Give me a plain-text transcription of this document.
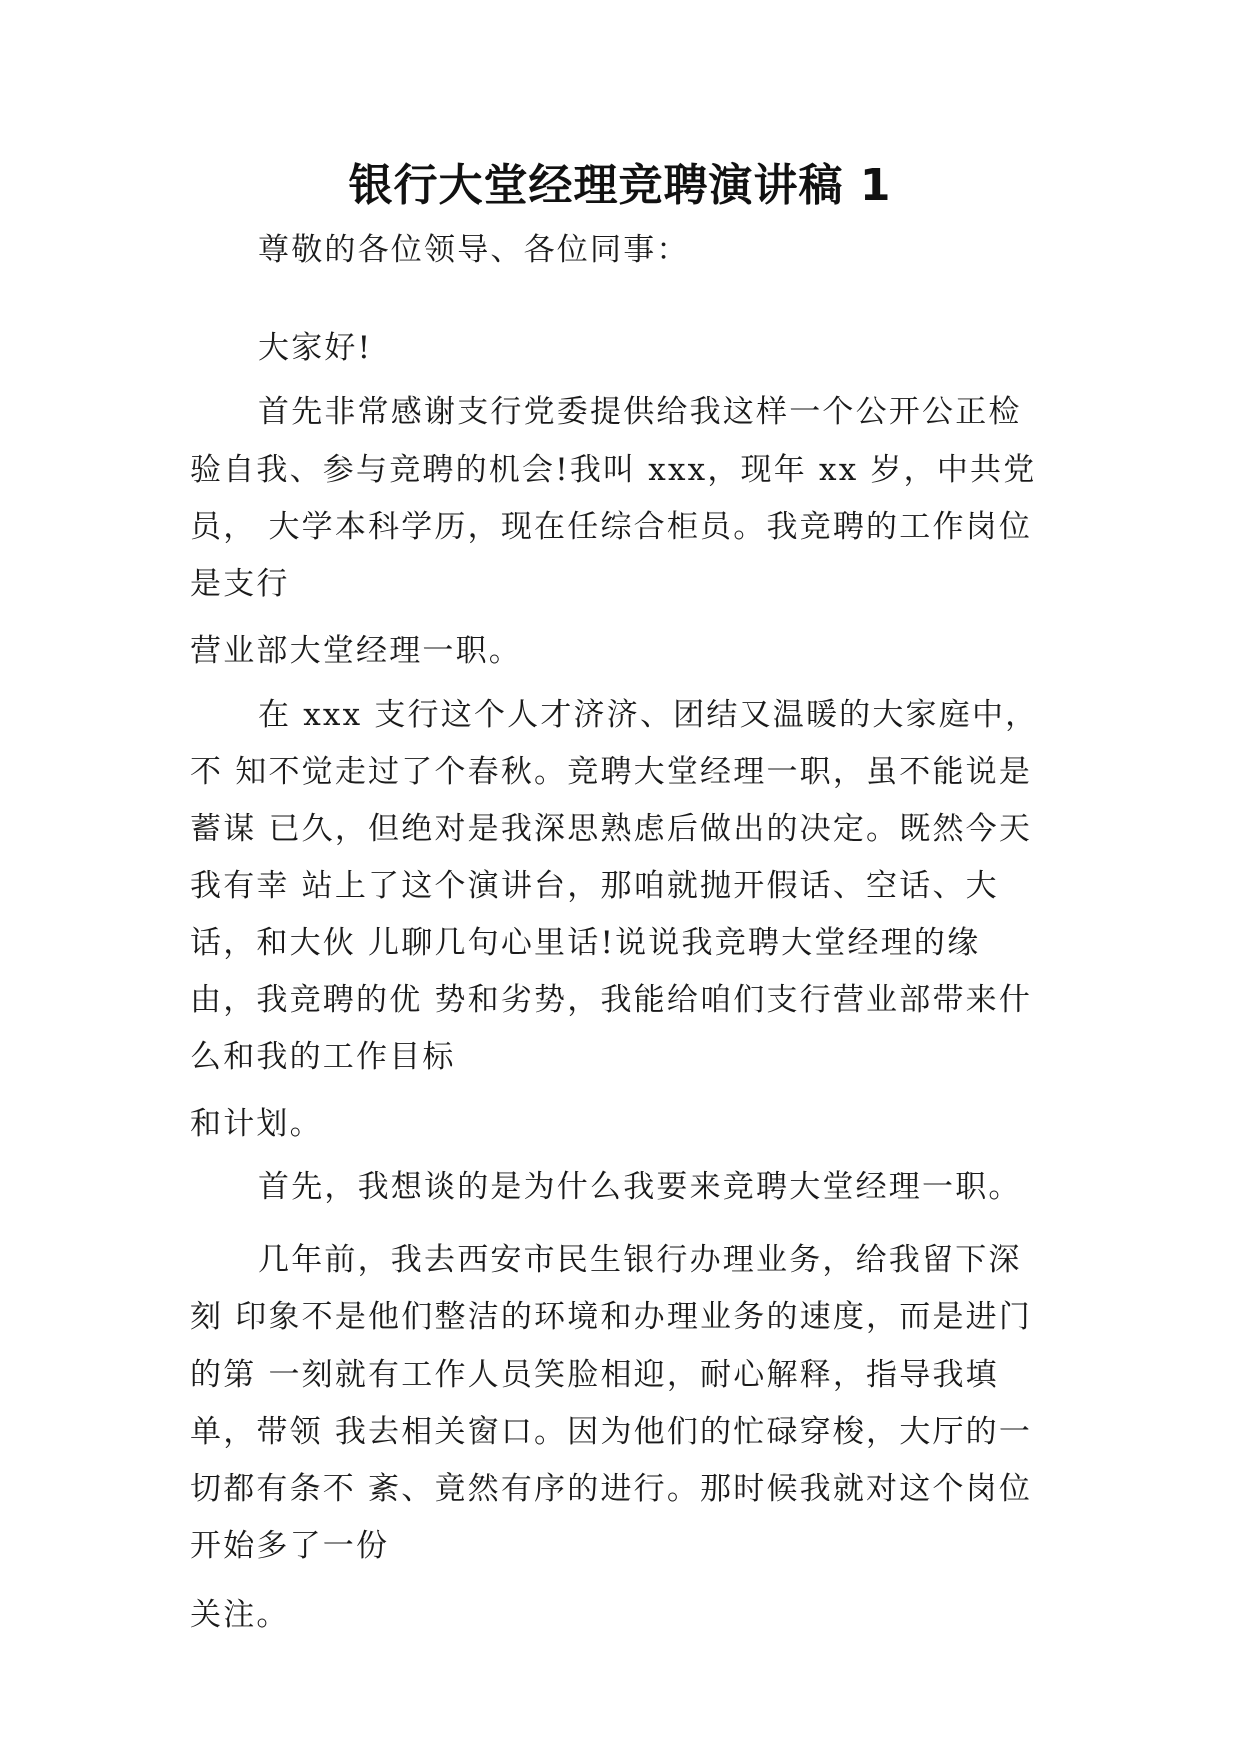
银行大堂经理竞聘演讲稿 1
尊敬的各位领导、各位同事：
大家好!
首先非常感谢支行党委提供给我这样一个公开公正检
验自我、参与竞聘的机会!我叫 xxx，现年 xx 岁，中共党
员， 大学本科学历，现在任综合柜员。我竞聘的工作岗位
是支行
营业部大堂经理一职。
在 xxx 支行这个人才济济、团结又温暖的大家庭中，
不 知不觉走过了个春秋。竞聘大堂经理一职，虽不能说是
蓄谋 已久，但绝对是我深思熟虑后做出的决定。既然今天
我有幸 站上了这个演讲台，那咱就抛开假话、空话、大
话，和大伙 儿聊几句心里话!说说我竞聘大堂经理的缘
由，我竞聘的优 势和劣势，我能给咱们支行营业部带来什
么和我的工作目标
和计划。
首先，我想谈的是为什么我要来竞聘大堂经理一职。
几年前，我去西安市民生银行办理业务，给我留下深
刻 印象不是他们整洁的环境和办理业务的速度，而是进门
的第 一刻就有工作人员笑脸相迎，耐心解释，指导我填
单，带领 我去相关窗口。因为他们的忙碌穿梭，大厅的一
切都有条不 紊、竟然有序的进行。那时候我就对这个岗位
开始多了一份
关注。
